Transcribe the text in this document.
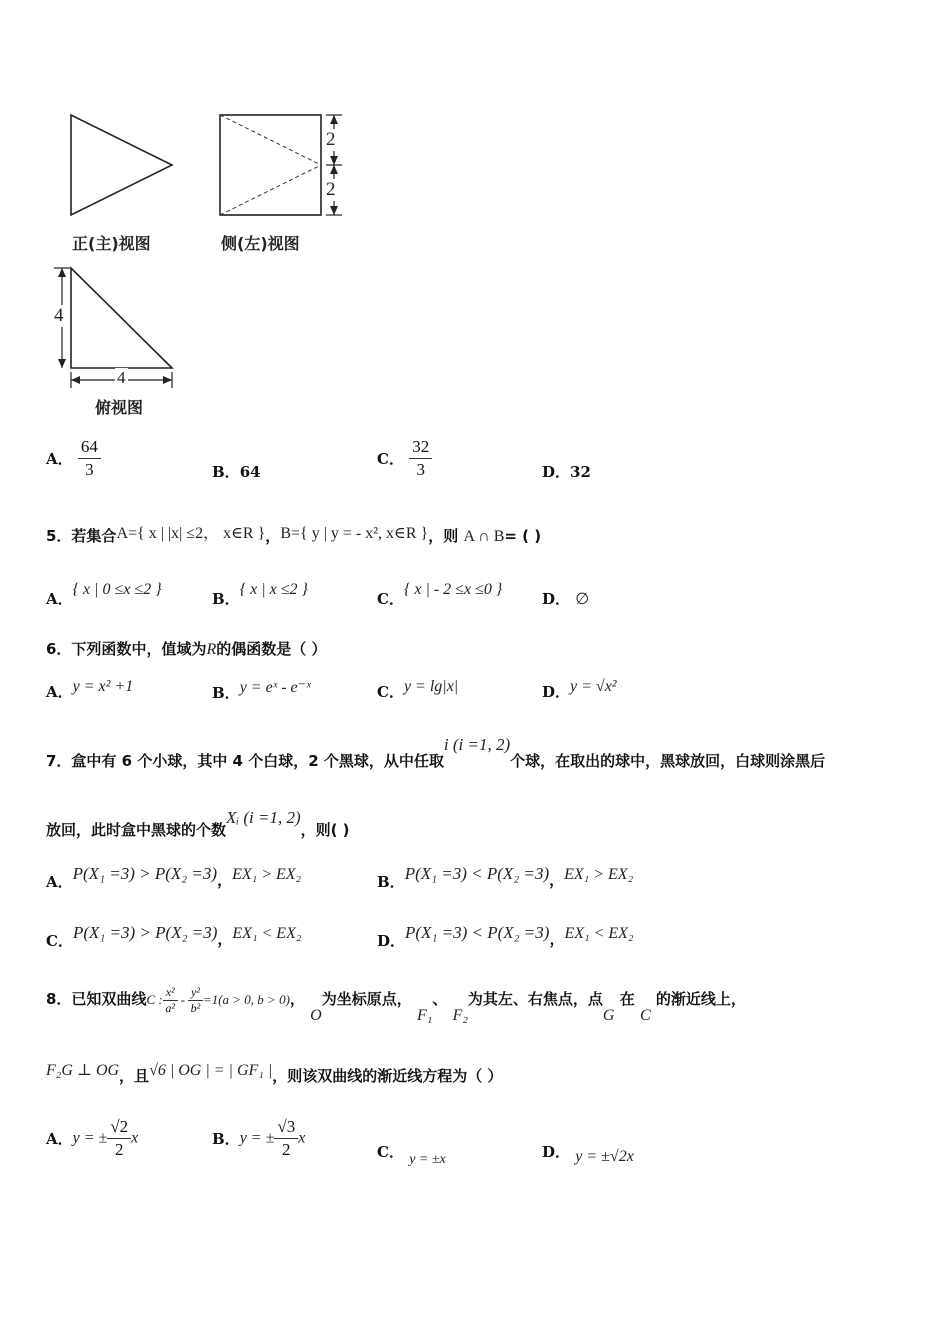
2
2
4
4
正(主)视图	侧(左)视图
俯视图
A． $\frac{64}{3}$	B．64
C． $\frac{32}{3}$	D．32
5．若集合A={ x | |x| ≤2， x∈R }，B={ y | y = - x², x∈R }，则 A ∩ B= ( )
A．{ x | 0 ≤x ≤2 }
B．{ x | x ≤2 }
C．{ x | - 2 ≤x ≤0 }
D． ∅
6．下列函数中，值域为R的偶函数是（ ）
A．y = x² +1	B．y = eˣ - e⁻ˣ	C．y = lg|x|	D．y = √x²
7．盒中有 6 个小球，其中 4 个白球，2 个黑球，从中任取i (i =1, 2)个球，在取出的球中，黑球放回，白球则涂黑后
放回，此时盒中黑球的个数Xᵢ (i =1, 2)，则( )
A．P(X₁ =3) > P(X₂ =3)，EX₁ > EX₂	B．P(X₁ =3) < P(X₂ =3)，EX₁ > EX₂
C．P(X₁ =3) > P(X₂ =3)，EX₁ < EX₂	D．P(X₁ =3) < P(X₂ =3)，EX₁ < EX₂
8．已知双曲线C : $\frac{\text{x²}}{\text{a²}} - \frac{\text{y²}}{\text{b²}} =1(a > 0$, b > 0)， O为坐标原点， F₁、 F₂为其左、右焦点，点G 在 C 的渐近线上，
F₂G ⊥ OG，且√6 | OG | = | GF₁ |，则该双曲线的渐近线方程为（ ）
A．y = ± $\frac{√2}{2}$ x	B．y = ± $\frac{√3}{2}$ x
C． y = ±x	D． y = ±√2x
